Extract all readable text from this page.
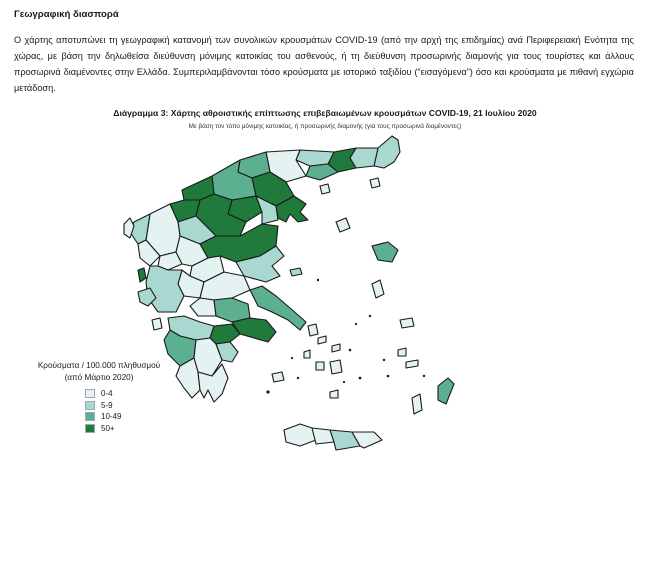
Γεωγραφική διασπορά
Ο χάρτης αποτυπώνει τη γεωγραφική κατανομή των συνολικών κρουσμάτων COVID-19 (από την αρχή της επιδημίας) ανά Περιφερειακή Ενότητα της χώρας, με βάση την δηλωθείσα διεύθυνση μόνιμης κατοικίας του ασθενούς, ή τη διεύθυνση προσωρινής διαμονής για τους τουρίστες και άλλους προσωρινά διαμένοντες στην Ελλάδα. Συμπεριλαμβάνονται τόσο κρούσματα με ιστορικό ταξιδίου (“εισαγόμενα”) όσο και κρούσματα με πιθανή εγχώρια μετάδοση.
Διάγραμμα 3: Χάρτης αθροιστικής επίπτωσης επιβεβαιωμένων κρουσμάτων COVID-19, 21 Ιουλίου 2020
Με βάση τον τόπο μόνιμης κατοικίας, ή προσωρινής διαμονής (για τους προσωρινά διαμένοντες)
Κρούσματα / 100.000 πληθυσμού
(από Μάρτιο 2020)
0-4
5-9
10-49
50+
